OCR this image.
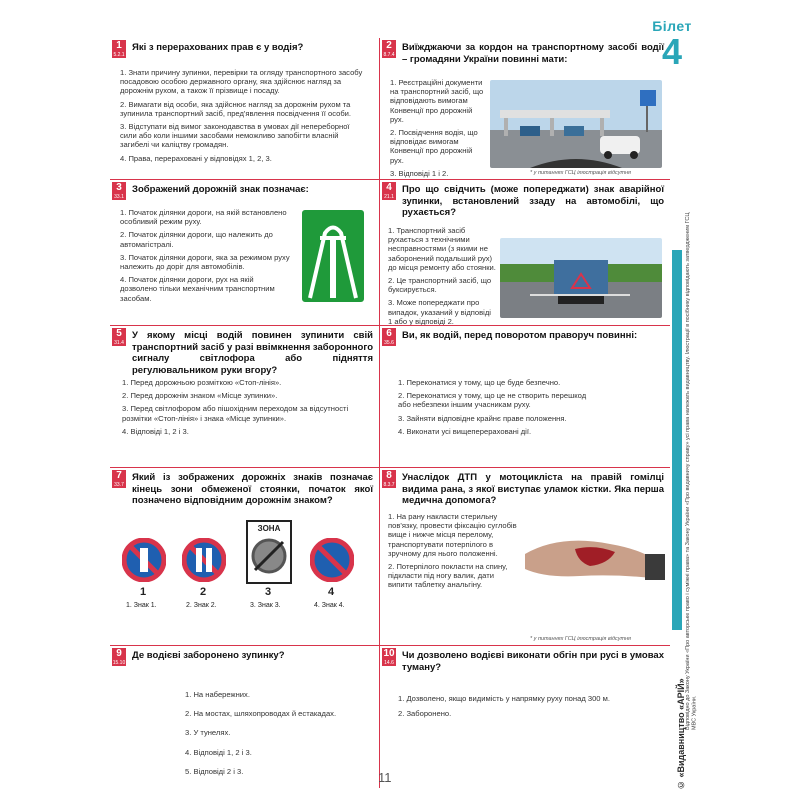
Білет
4
1
5.2.1
Які з перерахованих прав є у водія?
1. Знати причину зупинки, перевірки та огляду транспортного засобу посадовою особою державного органу, яка здійснює нагляд за дорожнім рухом, а також її прізвище і посаду.
2. Вимагати від особи, яка здійснює нагляд за дорожнім рухом та зупинила транспортний засіб, пред'явлення посвідчення її особи.
3. Відступати від вимог законодавства в умовах дії непереборної сили або коли іншими засобами неможливо запобігти власній загибелі чи каліцтву громадян.
4. Права, перераховані у відповідях 1, 2, 3.
2
8.7.4
Виїжджаючи за кордон на транспортному засобі водії – громадяни України повинні мати:
1. Реєстраційні документи на транспортний засіб, що відповідають вимогам Конвенції про дорожній рух.
2. Посвідчення водія, що відповідає вимогам Конвенції про дорожній рух.
3. Відповіді 1 і 2.	* у питаннях ГСЦ ілюстрація відсутня
3
33.1
Зображений дорожній знак позначає:
1. Початок ділянки дороги, на якій встановлено особливий режим руху.
2. Початок ділянки дороги, що належить до автомагістралі.
3. Початок ділянки дороги, яка за режимом руху належить до доріг для автомобілів.
4. Початок ділянки дороги, рух на якій дозволено тільки механічним транспортним засобам.
4
21.1
Про що свідчить (може попереджати) знак аварійної зупинки, встановлений ззаду на автомобілі, що рухається?
1. Транспортний засіб рухається з технічними несправностями (з якими не заборонений подальший рух) до місця ремонту або стоянки.
2. Це транспортний засіб, що буксирується.
3. Може попереджати про випадок, указаний у відповіді 1 або у відповіді 2.
5
31.4
У якому місці водій повинен зупинити свій транспортний засіб у разі ввімкнення заборонного сигналу світлофора або підняття регулювальником руки вгору?
1. Перед дорожньою розміткою «Стоп-лінія».
2. Перед дорожнім знаком «Місце зупинки».
3. Перед світлофором або пішохідним переходом за відсутності розмітки «Стоп-лінія» і знака «Місце зупинки».
4. Відповіді 1, 2 і 3.
6
35.6
Ви, як водій, перед поворотом праворуч повинні:
1. Переконатися у тому, що це буде безпечно.
2. Переконатися у тому, що це не створить перешкод або небезпеки іншим учасникам руху.
3. Зайняти відповідне крайнє праве положення.
4. Виконати усі вищеперераховані дії.
7
33.7
Який із зображених дорожніх знаків позначає кінець зони обмеженої стоянки, початок якої позначено відповідним дорожнім знаком?
ЗОНА
1	2	3	4
1. Знак 1.	2. Знак 2.	3. Знак 3.	4. Знак 4.
8
8.3.7
Унаслідок ДТП у мотоцикліста на правій гомілці видима рана, з якої виступає уламок кістки. Яка перша медична допомога?
1. На рану накласти стерильну пов'язку, провести фіксацію суглобів вище і нижче місця перелому, транспортувати потерпілого в зручному для нього положенні.
2. Потерпілого покласти на спину, підкласти під ногу валик, дати випити таблетку анальгіну.
* у питаннях ГСЦ ілюстрація відсутня
9
15.10
Де водієві заборонено зупинку?
1. На набережних.
2. На мостах, шляхопроводах й естакадах.
3. У тунелях.
4. Відповіді 1, 2 і 3.
5. Відповіді 2 і 3.
10
14.6
Чи дозволено водієві виконати обгін при русі в умовах туману?
1. Дозволено, якщо видимість у напрямку руху понад 300 м.
2. Заборонено.	Відповідно до Закону України «Про авторське право і суміжні права» та Закону України «Про видавничу справу» усі права належать видавництву. Ілюстрації в посібнику відповідають затвердженим ГСЦ МВС України.
© «Видавництво «АРІЙ»
11
